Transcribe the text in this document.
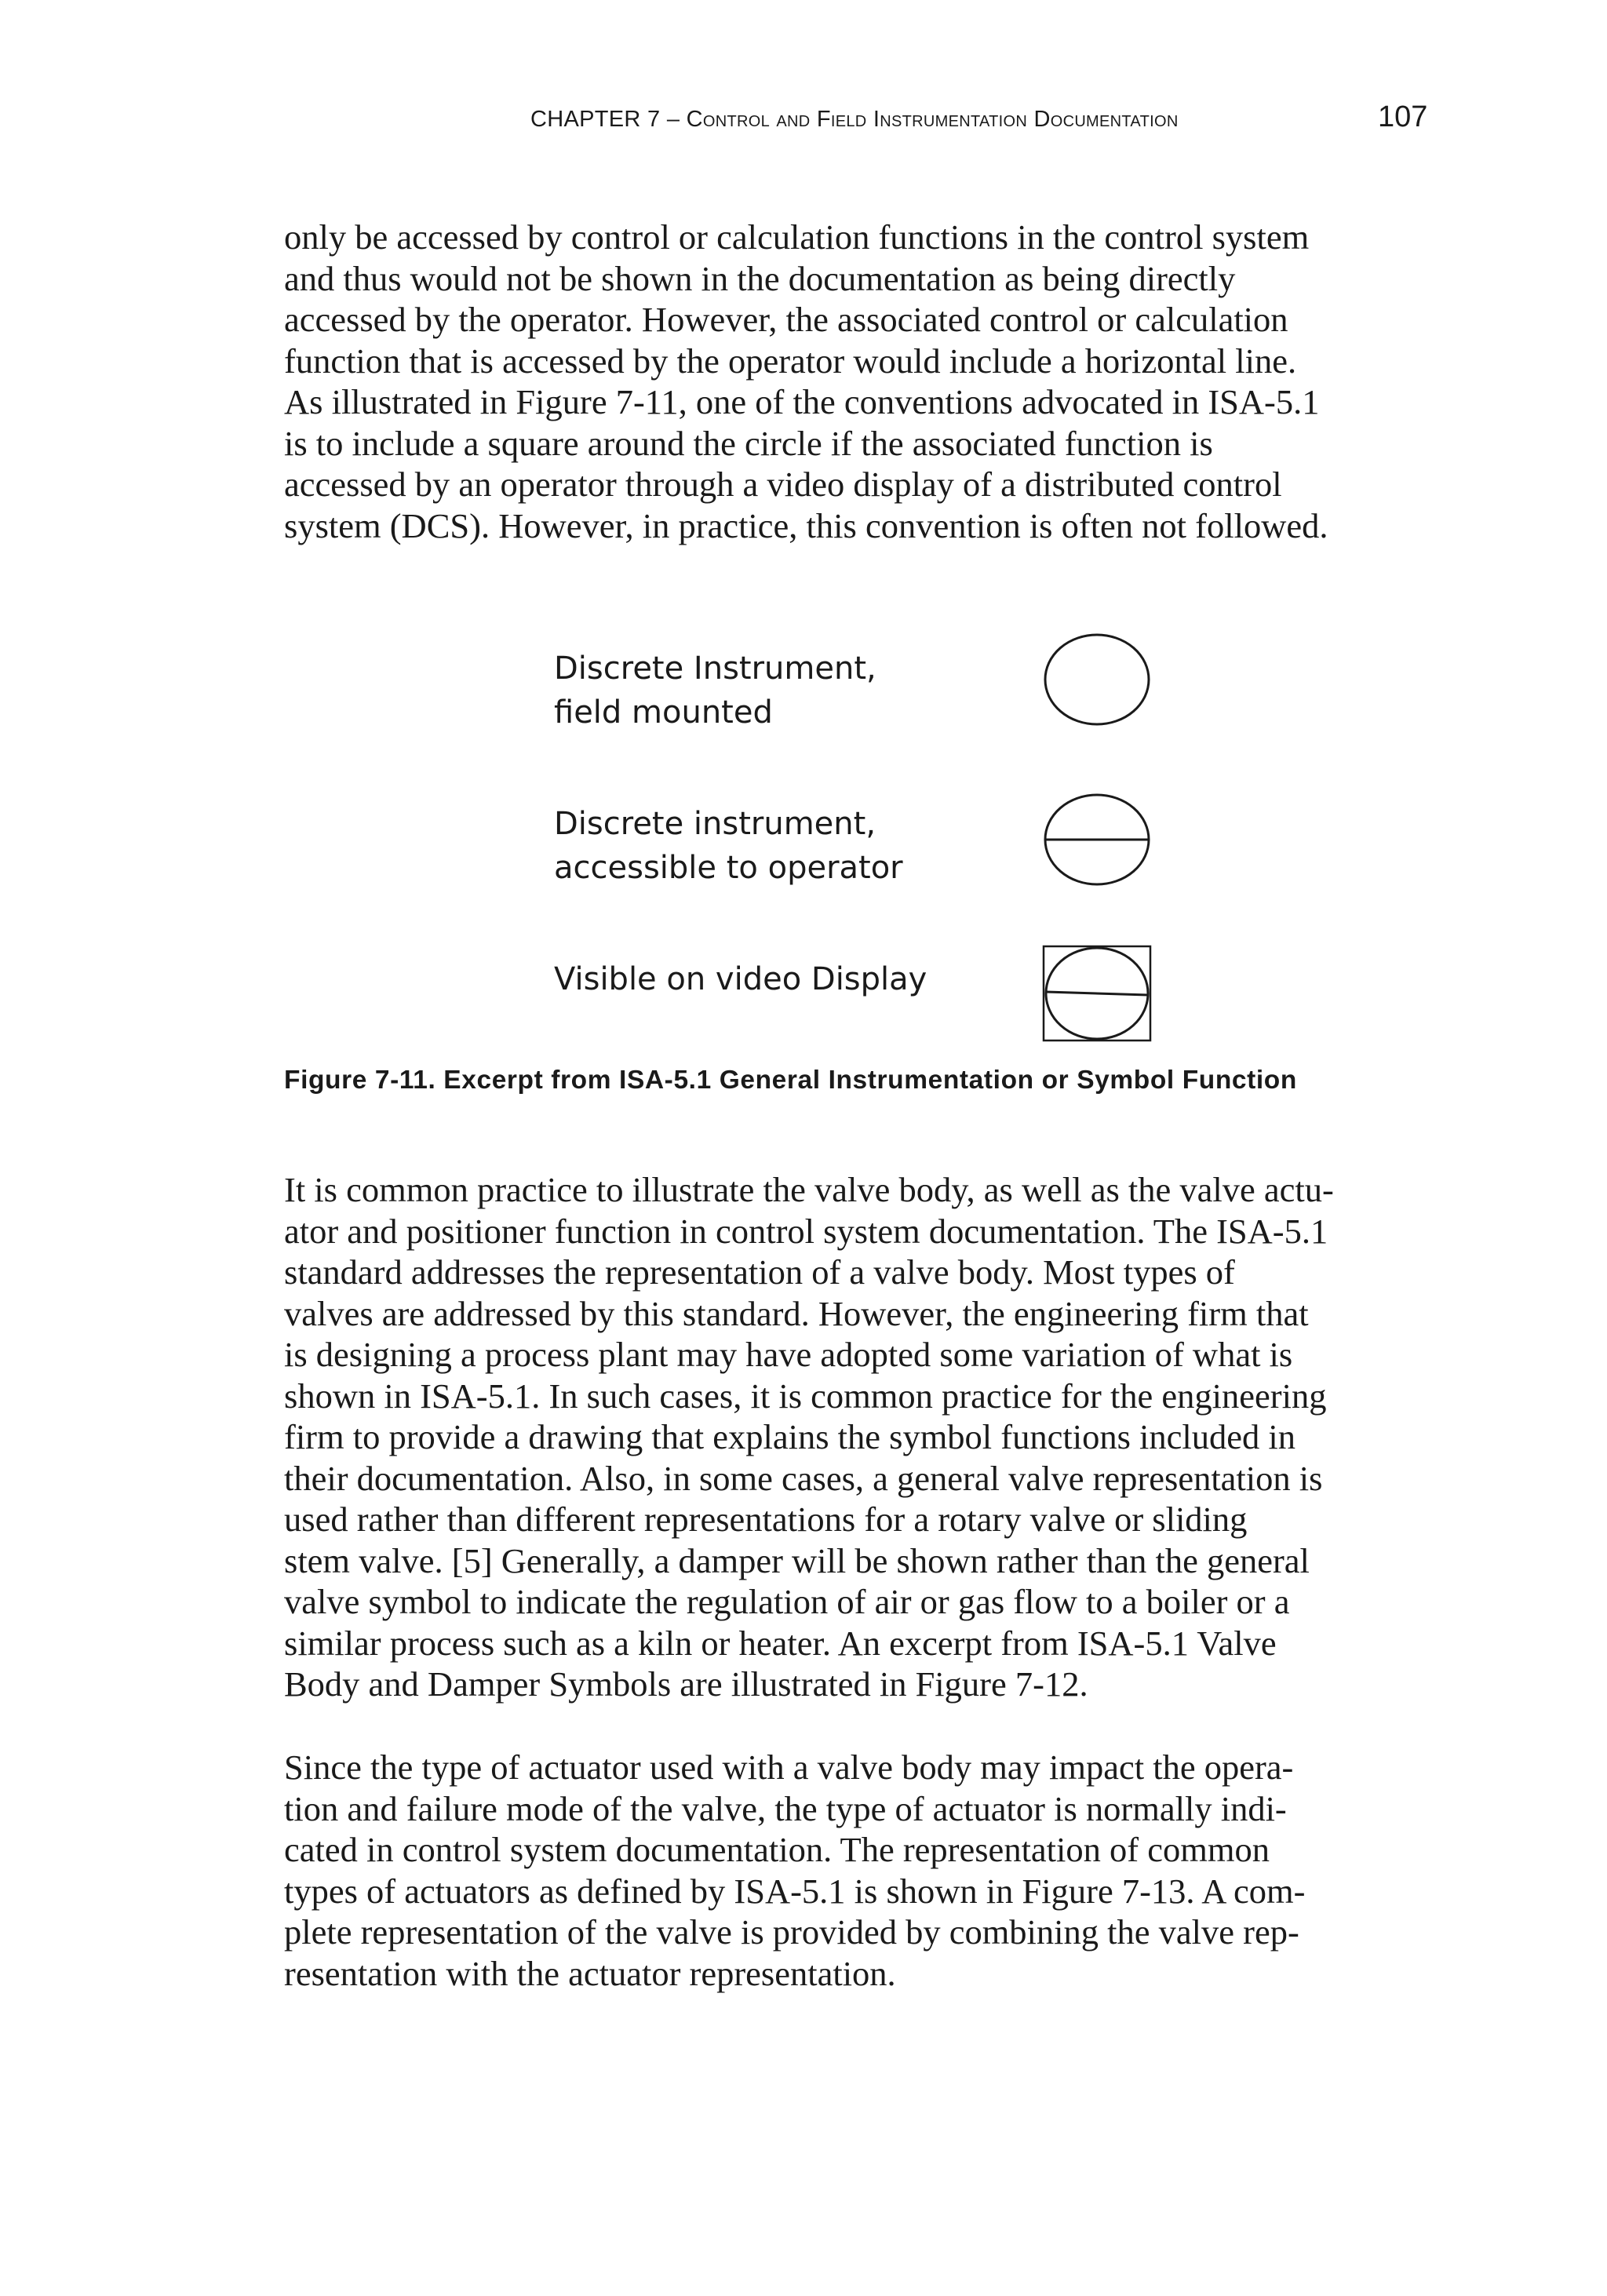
CHAPTER 7 – Control and Field Instrumentation Documentation	107
only be accessed by control or calculation functions in the control system
and thus would not be shown in the documentation as being directly
accessed by the operator. However, the associated control or calculation
function that is accessed by the operator would include a horizontal line.
As illustrated in Figure 7-11, one of the conventions advocated in ISA-5.1
is to include a square around the circle if the associated function is
accessed by an operator through a video display of a distributed control
system (DCS). However, in practice, this convention is often not followed.
Discrete Instrument,
field mounted
Discrete instrument,
accessible to operator
Visible on video Display
Figure 7-11. Excerpt from ISA-5.1 General Instrumentation or Symbol Function
It is common practice to illustrate the valve body, as well as the valve actu-
ator and positioner function in control system documentation. The ISA-5.1
standard addresses the representation of a valve body. Most types of
valves are addressed by this standard. However, the engineering firm that
is designing a process plant may have adopted some variation of what is
shown in ISA-5.1. In such cases, it is common practice for the engineering
firm to provide a drawing that explains the symbol functions included in
their documentation. Also, in some cases, a general valve representation is
used rather than different representations for a rotary valve or sliding
stem valve. [5] Generally, a damper will be shown rather than the general
valve symbol to indicate the regulation of air or gas flow to a boiler or a
similar process such as a kiln or heater. An excerpt from ISA-5.1 Valve
Body and Damper Symbols are illustrated in Figure 7-12.
Since the type of actuator used with a valve body may impact the opera-
tion and failure mode of the valve, the type of actuator is normally indi-
cated in control system documentation. The representation of common
types of actuators as defined by ISA-5.1 is shown in Figure 7-13. A com-
plete representation of the valve is provided by combining the valve rep-
resentation with the actuator representation.
